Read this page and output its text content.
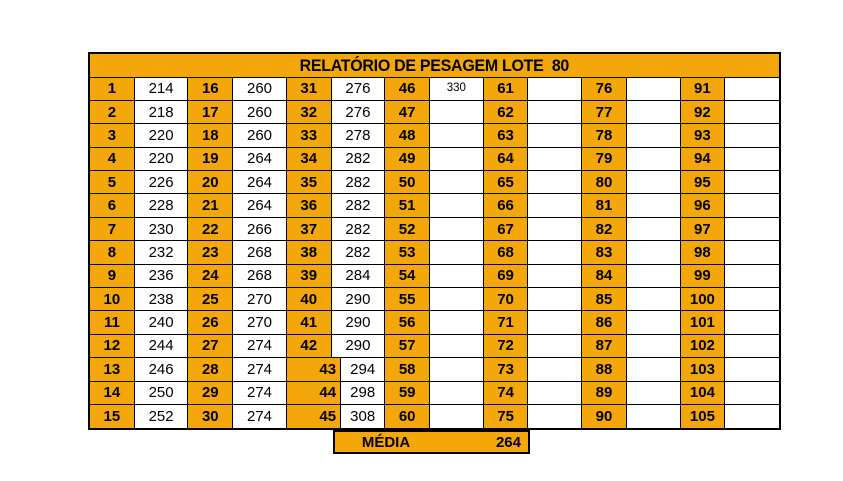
RELATÓRIO DE PESAGEM LOTE  80
1	214	16	260	31	276	46	330	61	76	91
2	218	17	260	32	276	47	62	77	92
3	220	18	260	33	278	48	63	78	93
4	220	19	264	34	282	49	64	79	94
5	226	20	264	35	282	50	65	80	95
6	228	21	264	36	282	51	66	81	96
7	230	22	266	37	282	52	67	82	97
8	232	23	268	38	282	53	68	83	98
9	236	24	268	39	284	54	69	84	99
10	238	25	270	40	290	55	70	85	100
11	240	26	270	41	290	56	71	86	101
12	244	27	274	42	290	57	72	87	102
13	246	28	274	43 294	58	73	88	103
14	250	29	274	44 298	59	74	89	104
15	252	30	274	45 308	60	75	90	105
MÉDIA	264
